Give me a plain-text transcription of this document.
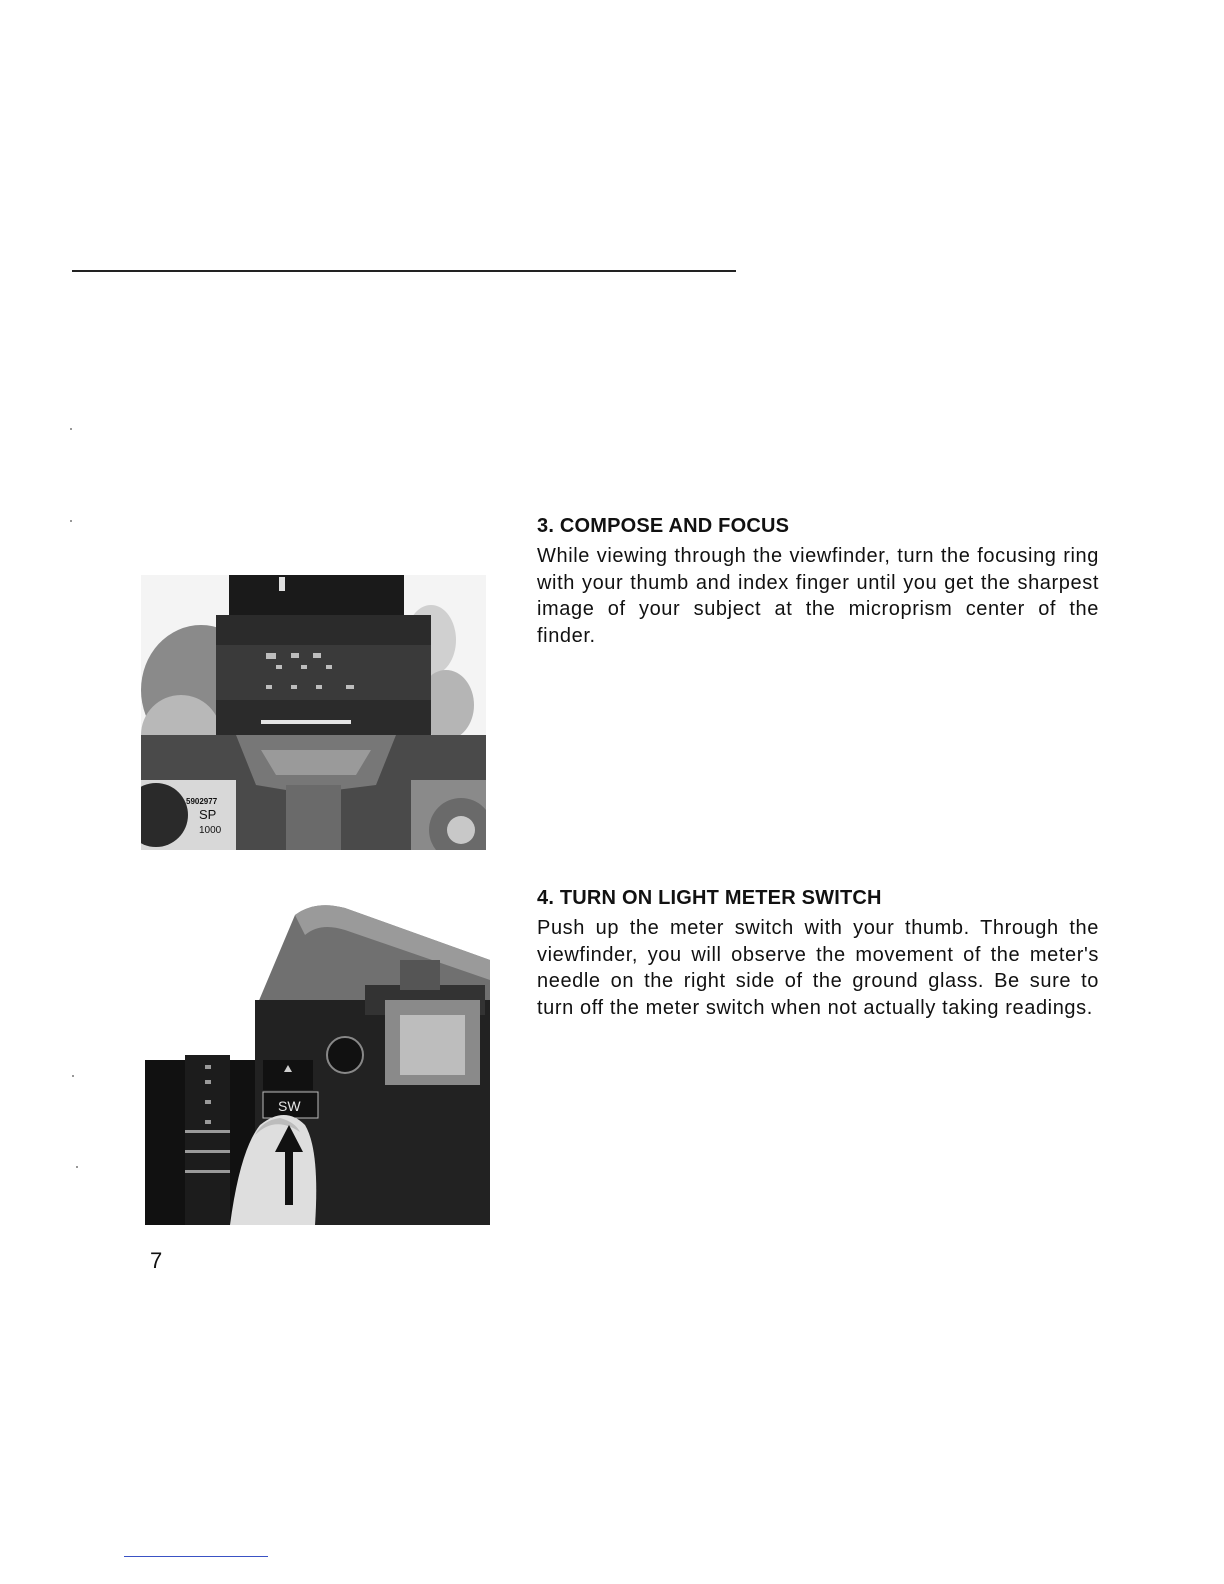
5902977
SP
1000
SW
3. COMPOSE AND FOCUS

While viewing through the viewfinder, turn the focusing ring with your thumb and index finger until you get the sharpest image of your subject at the microprism center of the finder.

4. TURN ON LIGHT METER SWITCH

Push up the meter switch with your thumb. Through the viewfinder, you will observe the movement of the meter's needle on the right side of the ground glass. Be sure to turn off the meter switch when not actually taking readings.

7
